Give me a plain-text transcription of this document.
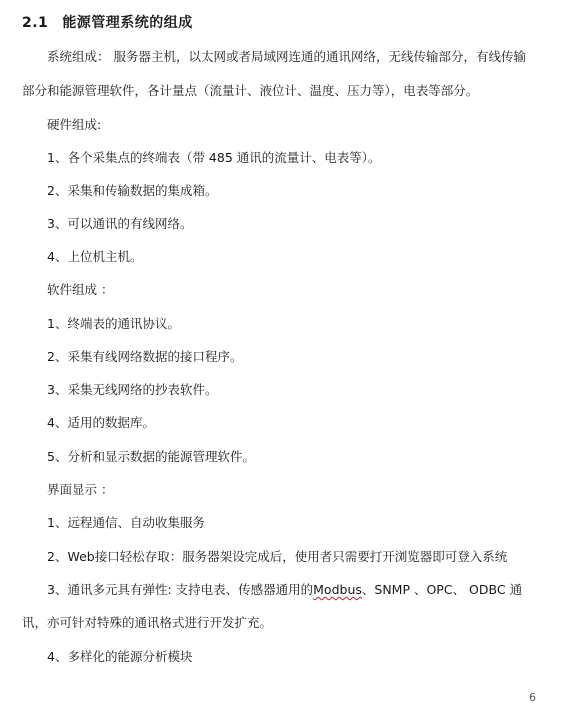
2.1 能源管理系统的组成
系统组成： 服务器主机，以太网或者局域网连通的通讯网络，无线传输部分，有线传输
部分和能源管理软件，各计量点（流量计、液位计、温度、压力等），电表等部分。
硬件组成:
1、各个采集点的终端表（带 485 通讯的流量计、电表等）。
2、采集和传输数据的集成箱。
3、可以通讯的有线网络。
4、上位机主机。
软件组成 ：
1、终端表的通讯协议。
2、采集有线网络数据的接口程序。
3、采集无线网络的抄表软件。
4、适用的数据库。
5、分析和显示数据的能源管理软件。
界面显示 ：
1、远程通信、自动收集服务
2、Web接口轻松存取：服务器架设完成后，使用者只需要打开浏览器即可登入系统
3、通讯多元具有弹性: 支持电表、传感器通用的Modbus、SNMP 、OPC、 ODBC 通
讯，亦可针对特殊的通讯格式进行开发扩充。
4、多样化的能源分析模块
6
